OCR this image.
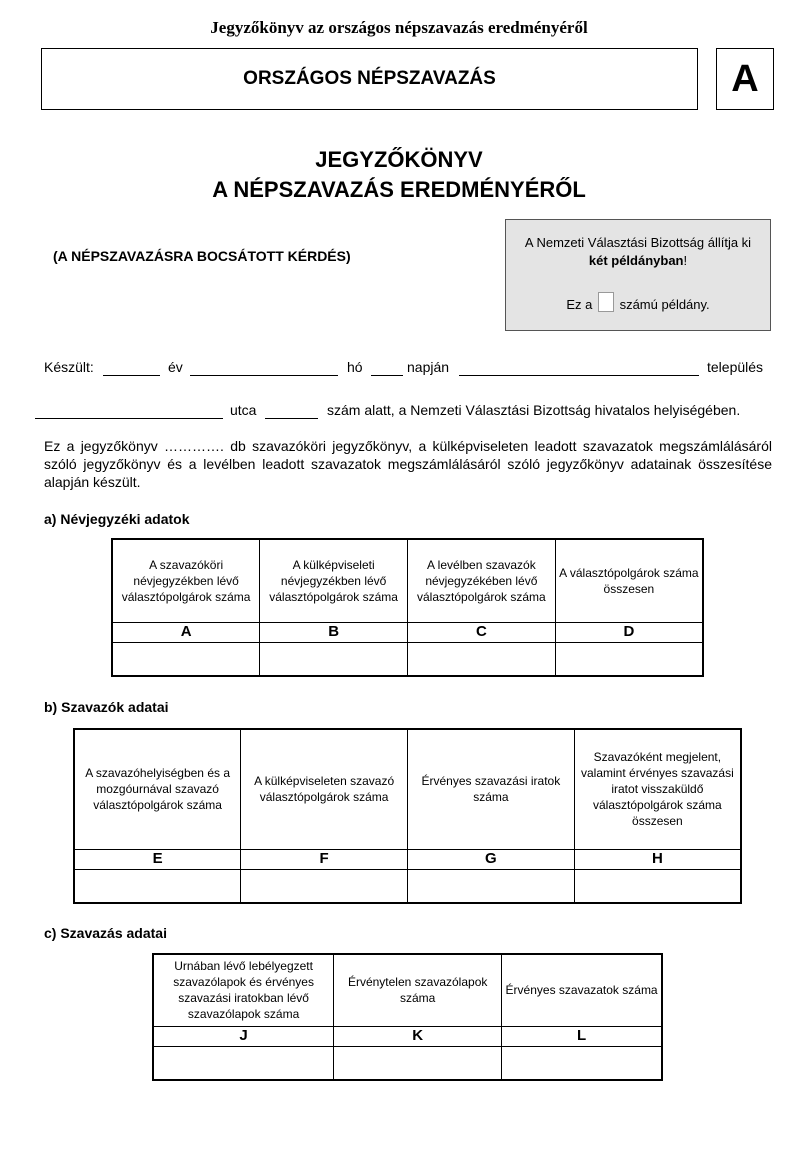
Jegyzőkönyv az országos népszavazás eredményéről
ORSZÁGOS NÉPSZAVAZÁS	A
JEGYZŐKÖNYV
A NÉPSZAVAZÁS EREDMÉNYÉRŐL
(A NÉPSZAVAZÁSRA BOCSÁTOTT KÉRDÉS)
A Nemzeti Választási Bizottság állítja ki
két példányban!
Ez a számú példány.
Készült:	év	hó	napján	település
utca	szám alatt, a Nemzeti Választási Bizottság hivatalos helyiségében.
Ez a jegyzőkönyv …………. db szavazóköri jegyzőkönyv, a külképviseleten leadott szavazatok megszámlálásáról szóló jegyzőkönyv és a levélben leadott szavazatok megszámlálásáról szóló jegyzőkönyv adatainak összesítése alapján készült.
a) Névjegyzéki adatok
A szavazóköri névjegyzékben lévő választópolgárok száma	A külképviseleti névjegyzékben lévő választópolgárok száma	A levélben szavazók névjegyzékében lévő választópolgárok száma	A választópolgárok száma összesen
A	B	C	D

b) Szavazók adatai
A szavazóhelyiségben és a mozgóurnával szavazó választópolgárok száma	A külképviseleten szavazó választópolgárok száma	Érvényes szavazási iratok száma	Szavazóként megjelent, valamint érvényes szavazási iratot visszaküldő választópolgárok száma összesen
E	F	G	H

c) Szavazás adatai
Urnában lévő lebélyegzett szavazólapok és érvényes szavazási iratokban lévő szavazólapok száma	Érvénytelen szavazólapok száma	Érvényes szavazatok száma
J	K	L
